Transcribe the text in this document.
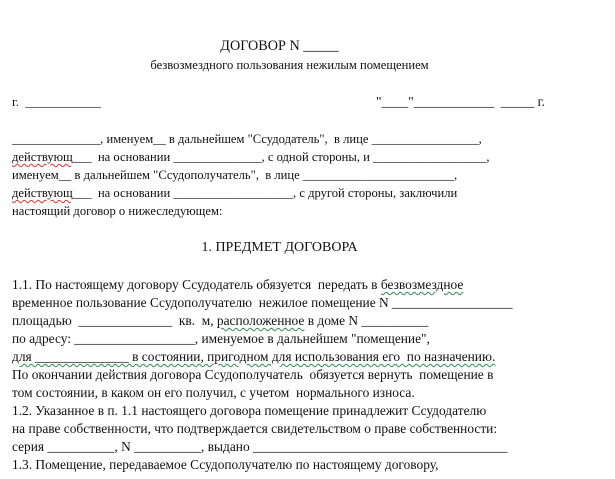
ДОГОВОР N _____
безвозмездного пользования нежилым помещением
г.  ____________	"____"____________  _____ г.
______________, именуем__ в дальнейшем "Ссудодатель",  в лице _________________,
действующ___  на основании ______________, с одной стороны, и __________________,
именуем__ в дальнейшем "Ссудополучатель",  в лице ________________________,
действующ___  на основании ___________________, с другой стороны, заключили
настоящий договор о нижеследующем:
1. ПРЕДМЕТ ДОГОВОРА
1.1. По настоящему договору Ссудодатель обязуется  передать в безвозмездное
временное пользование Ссудополучателю  нежилое помещение N __________________
площадью  ______________  кв.  м, расположенное в доме N __________
по адресу: __________________, именуемое в дальнейшем "помещение",
для ______________ в состоянии, пригодном для использования его  по назначению.
По окончании действия договора Ссудополучатель  обязуется вернуть  помещение в
том состоянии, в каком он его получил, с учетом  нормального износа.
1.2. Указанное в п. 1.1 настоящего договора помещение принадлежит Ссудодателю
на праве собственности, что подтверждается свидетельством о праве собственности:
серия __________, N __________, выдано ______________________________________
1.3. Помещение, передаваемое Ссудополучателю по настоящему договору,
